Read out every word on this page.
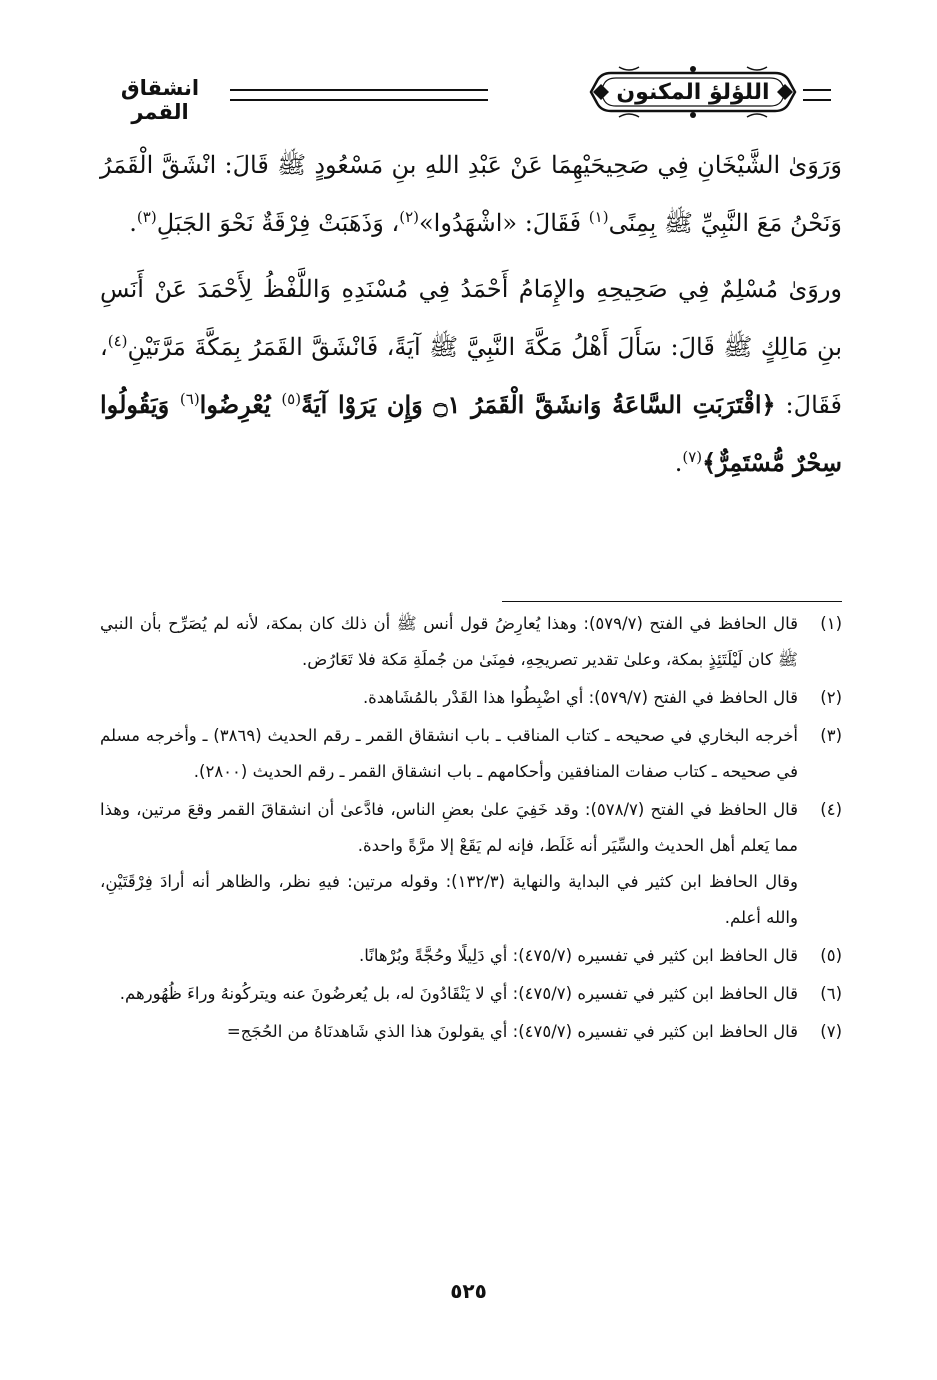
اللؤلؤ المكنون
انشقاق القمر

وَرَوَىٰ الشَّيْخَانِ فِي صَحِيحَيْهِمَا عَنْ عَبْدِ اللهِ بنِ مَسْعُودٍ ﷺ قَالَ: انْشَقَّ الْقَمَرُ وَنَحْنُ مَعَ النَّبِيِّ ﷺ بِمِنًى$^{(١)}$ فَقَالَ: «اشْهَدُوا»$^{(٢)}$، وَذَهَبَتْ فِرْقَةٌ نَحْوَ الجَبَلِ$^{(٣)}$.

وروَىٰ مُسْلِمٌ فِي صَحِيحِهِ والإِمَامُ أَحْمَدُ فِي مُسْنَدِهِ وَاللَّفْظُ لِأَحْمَدَ عَنْ أَنَسِ بنِ مَالِكٍ ﷺ قَالَ: سَأَلَ أَهْلُ مَكَّةَ النَّبِيَّ ﷺ آيَةً، فَانْشَقَّ القَمَرُ بِمَكَّةَ مَرَّتَيْنِ$^{(٤)}$، فَقَالَ: ﴿اقْتَرَبَتِ السَّاعَةُ وَانشَقَّ الْقَمَرُ ۝١ وَإِن يَرَوْا آيَةً$^{(٥)}$ يُعْرِضُوا$^{(٦)}$ وَيَقُولُوا سِحْرٌ مُّسْتَمِرٌّ﴾$^{(٧)}$.

(١)
قال الحافظ في الفتح (٥٧٩/٧): وهذا يُعارِضُ قول أنس ﷺ أن ذلك كان بمكة، لأنه لم يُصَرِّح بأن النبي ﷺ كان لَيْلَتَئِذٍ بمكة، وعلىٰ تقدير تصريحِهِ، فمِنَىٰ من جُملَةِ مَكة فلا تَعَارُض.
(٢)
قال الحافظ في الفتح (٥٧٩/٧): أي اضْبِطُوا هذا القَدْر بالمُشَاهدة.
(٣)
أخرجه البخاري في صحيحه ـ كتاب المناقب ـ باب انشقاق القمر ـ رقم الحديث (٣٨٦٩) ـ وأخرجه مسلم في صحيحه ـ كتاب صفات المنافقين وأحكامهم ـ باب انشقاق القمر ـ رقم الحديث (٢٨٠٠).
(٤)
قال الحافظ في الفتح (٥٧٨/٧): وقد خَفِيَ علىٰ بعضِ الناس، فادَّعىٰ أن انشقاقَ القمر وقعَ مرتين، وهذا مما يَعلم أهل الحديث والسِّيَر أنه غَلَط، فإنه لم يَقَعْ إلا مرَّةً واحدة.
وقال الحافظ ابن كثير في البداية والنهاية (١٣٢/٣): وقوله مرتين: فيهِ نظر، والظاهر أنه أرادَ فِرْقَتَيْنِ، والله أعلم.
(٥)
قال الحافظ ابن كثير في تفسيره (٤٧٥/٧): أي دَلِيلًا وحُجَّةً وبُرْهانًا.
(٦)
قال الحافظ ابن كثير في تفسيره (٤٧٥/٧): أي لا يَنْقَادُونَ له، بل يُعرضُونَ عنه ويتركُونهُ وراءَ ظُهُورهم.
(٧)
قال الحافظ ابن كثير في تفسيره (٤٧٥/٧): أي يقولونَ هذا الذي شَاهدنَاهُ من الحُجَج=
٥٢٥
